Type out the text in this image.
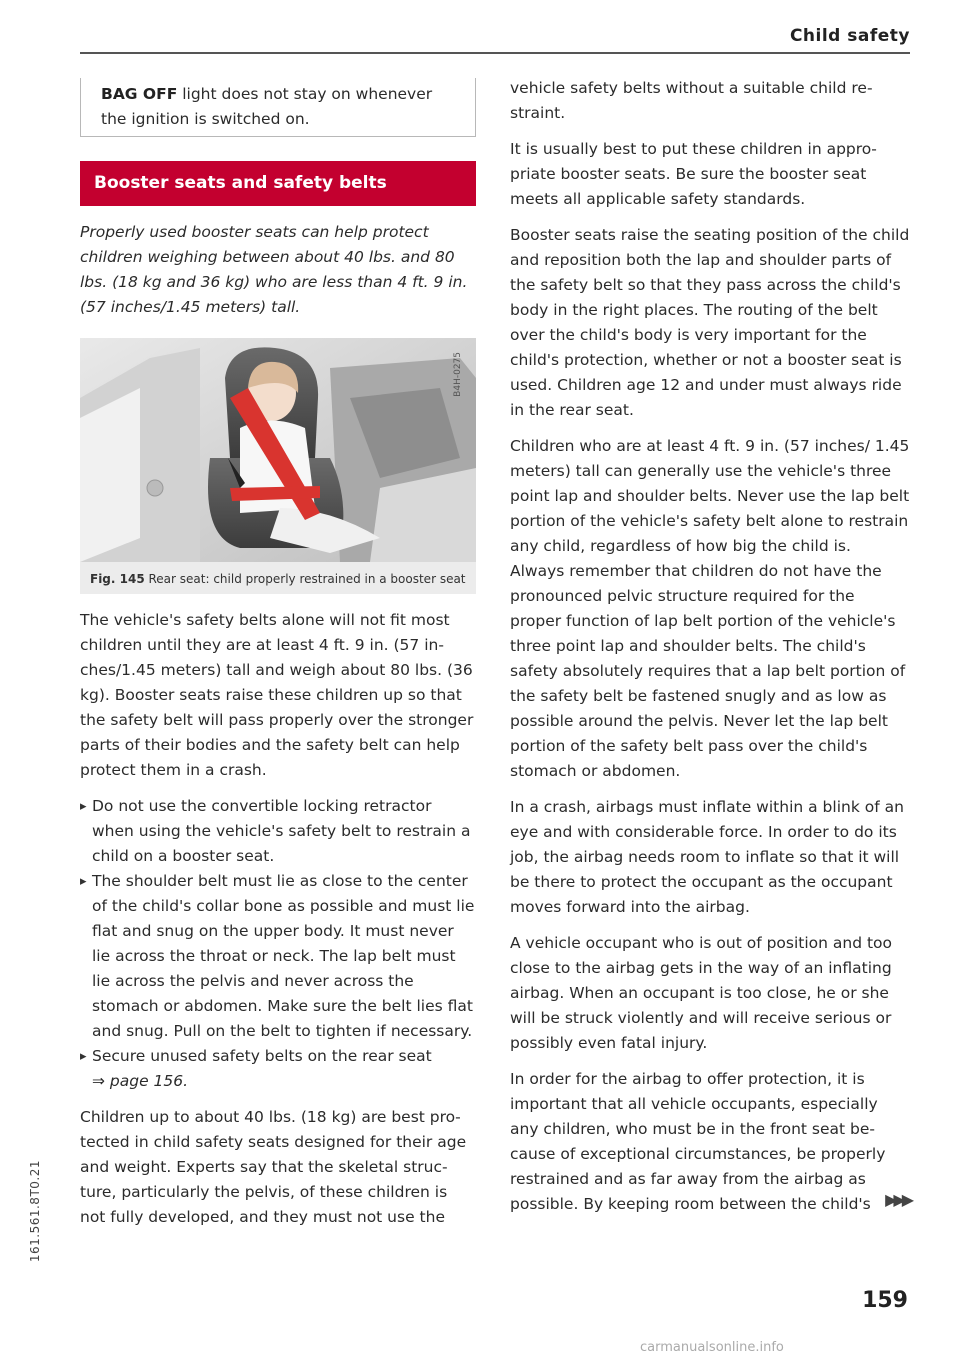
Child safety
BAG OFF light does not stay on whenever the ignition is switched on.
Booster seats and safety belts

Properly used booster seats can help protect children weighing between about 40 lbs. and 80 lbs. (18 kg and 36 kg) who are less than 4 ft. 9 in. (57 inches/1.45 meters) tall.

B4H-0275
Fig. 145 Rear seat: child properly restrained in a booster seat

The vehicle's safety belts alone will not fit most children until they are at least 4 ft. 9 in. (57 inches/1.45 meters) tall and weigh about 80 lbs. (36 kg). Booster seats raise these children up so that the safety belt will pass properly over the stronger parts of their bodies and the safety belt can help protect them in a crash.

▸ Do not use the convertible locking retractor when using the vehicle's safety belt to restrain a child on a booster seat.
▸ The shoulder belt must lie as close to the center of the child's collar bone as possible and must lie flat and snug on the upper body. It must never lie across the throat or neck. The lap belt must lie across the pelvis and never across the stomach or abdomen. Make sure the belt lies flat and snug. Pull on the belt to tighten if necessary.
▸ Secure unused safety belts on the rear seat
⇒ page 156.

Children up to about 40 lbs. (18 kg) are best protected in child safety seats designed for their age and weight. Experts say that the skeletal structure, particularly the pelvis, of these children is not fully developed, and they must not use the

vehicle safety belts without a suitable child restraint.

It is usually best to put these children in appropriate booster seats. Be sure the booster seat meets all applicable safety standards.

Booster seats raise the seating position of the child and reposition both the lap and shoulder parts of the safety belt so that they pass across the child's body in the right places. The routing of the belt over the child's body is very important for the child's protection, whether or not a booster seat is used. Children age 12 and under must always ride in the rear seat.

Children who are at least 4 ft. 9 in. (57 inches/ 1.45 meters) tall can generally use the vehicle's three point lap and shoulder belts. Never use the lap belt portion of the vehicle's safety belt alone to restrain any child, regardless of how big the child is. Always remember that children do not have the pronounced pelvic structure required for the proper function of lap belt portion of the vehicle's three point lap and shoulder belts. The child's safety absolutely requires that a lap belt portion of the safety belt be fastened snugly and as low as possible around the pelvis. Never let the lap belt portion of the safety belt pass over the child's stomach or abdomen.

In a crash, airbags must inflate within a blink of an eye and with considerable force. In order to do its job, the airbag needs room to inflate so that it will be there to protect the occupant as the occupant moves forward into the airbag.

A vehicle occupant who is out of position and too close to the airbag gets in the way of an inflating airbag. When an occupant is too close, he or she will be struck violently and will receive serious or possibly even fatal injury.

In order for the airbag to offer protection, it is important that all vehicle occupants, especially any children, who must be in the front seat because of exceptional circumstances, be properly restrained and as far away from the airbag as possible. By keeping room between the child's ▶▶▶
159
161.561.8T0.21
carmanualsonline.info
